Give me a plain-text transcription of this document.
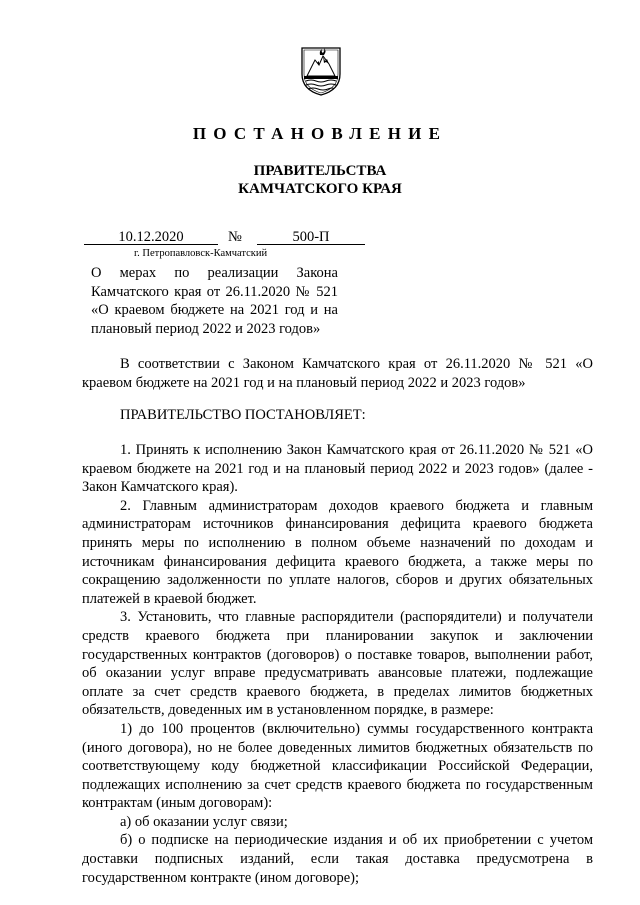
ПОСТАНОВЛЕНИЕ
ПРАВИТЕЛЬСТВА
КАМЧАТСКОГО КРАЯ
10.12.2020	№	500-П
г. Петропавловск-Камчатский
О мерах по реализации Закона
Камчатского края от 26.11.2020 № 521
«О краевом бюджете на 2021 год и на
плановый период 2022 и 2023 годов»

В соответствии с Законом Камчатского края от 26.11.2020 № 521 «О краевом бюджете на 2021 год и на плановый период 2022 и 2023 годов»

ПРАВИТЕЛЬСТВО ПОСТАНОВЛЯЕТ:

1. Принять к исполнению Закон Камчатского края от 26.11.2020 № 521 «О краевом бюджете на 2021 год и на плановый период 2022 и 2023 годов» (далее - Закон Камчатского края).

2. Главным администраторам доходов краевого бюджета и главным администраторам источников финансирования дефицита краевого бюджета принять меры по исполнению в полном объеме назначений по доходам и источникам финансирования дефицита краевого бюджета, а также меры по сокращению задолженности по уплате налогов, сборов и других обязательных платежей в краевой бюджет.

3. Установить, что главные распорядители (распорядители) и получатели средств краевого бюджета при планировании закупок и заключении государственных контрактов (договоров) о поставке товаров, выполнении работ, об оказании услуг вправе предусматривать авансовые платежи, подлежащие оплате за счет средств краевого бюджета, в пределах лимитов бюджетных обязательств, доведенных им в установленном порядке, в размере:

1) до 100 процентов (включительно) суммы государственного контракта (иного договора), но не более доведенных лимитов бюджетных обязательств по соответствующему коду бюджетной классификации Российской Федерации, подлежащих исполнению за счет средств краевого бюджета по государственным контрактам (иным договорам):

а) об оказании услуг связи;

б) о подписке на периодические издания и об их приобретении с учетом доставки подписных изданий, если такая доставка предусмотрена в государственном контракте (ином договоре);
